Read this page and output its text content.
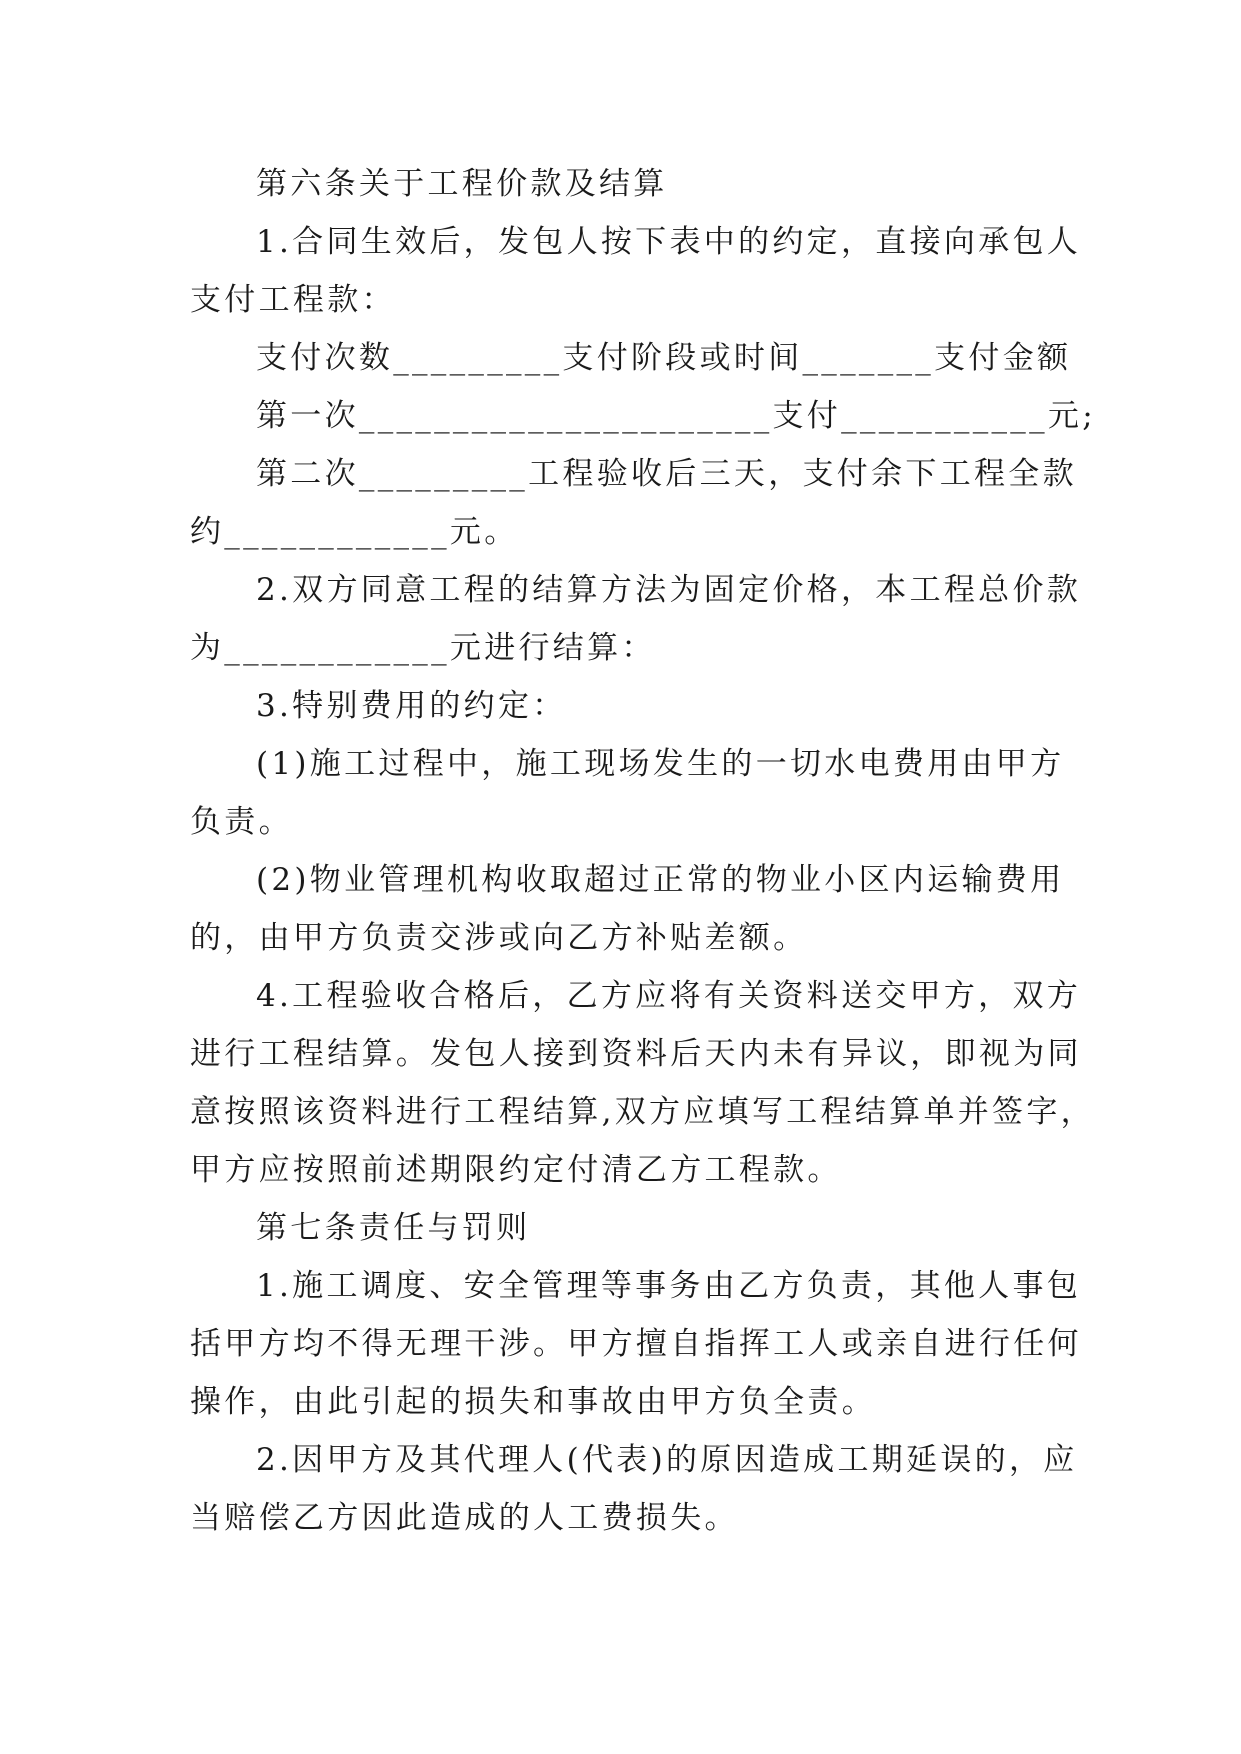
第六条关于工程价款及结算
1.合同生效后，发包人按下表中的约定，直接向承包人
支付工程款：
支付次数_________支付阶段或时间_______支付金额
第一次______________________支付___________元;
第二次_________工程验收后三天，支付余下工程全款
约____________元。
2.双方同意工程的结算方法为固定价格，本工程总价款
为____________元进行结算：
3.特别费用的约定：
(1)施工过程中，施工现场发生的一切水电费用由甲方
负责。
(2)物业管理机构收取超过正常的物业小区内运输费用
的，由甲方负责交涉或向乙方补贴差额。
4.工程验收合格后，乙方应将有关资料送交甲方，双方
进行工程结算。发包人接到资料后天内未有异议，即视为同
意按照该资料进行工程结算,双方应填写工程结算单并签字，
甲方应按照前述期限约定付清乙方工程款。
第七条责任与罚则
1.施工调度、安全管理等事务由乙方负责，其他人事包
括甲方均不得无理干涉。甲方擅自指挥工人或亲自进行任何
操作，由此引起的损失和事故由甲方负全责。
2.因甲方及其代理人(代表)的原因造成工期延误的，应
当赔偿乙方因此造成的人工费损失。
